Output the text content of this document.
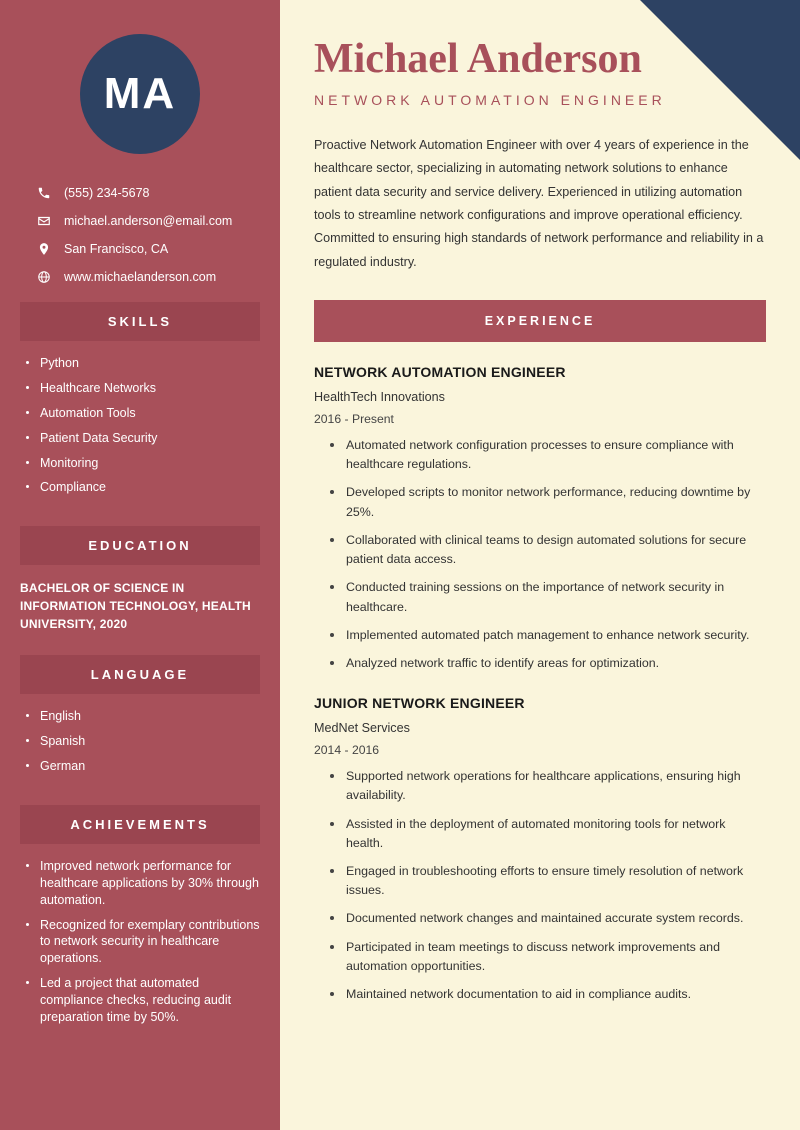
MA
(555) 234-5678
michael.anderson@email.com
San Francisco, CA
www.michaelanderson.com
SKILLS
Python
Healthcare Networks
Automation Tools
Patient Data Security
Monitoring
Compliance
EDUCATION
BACHELOR OF SCIENCE IN INFORMATION TECHNOLOGY, HEALTH UNIVERSITY, 2020
LANGUAGE
English
Spanish
German
ACHIEVEMENTS
Improved network performance for healthcare applications by 30% through automation.
Recognized for exemplary contributions to network security in healthcare operations.
Led a project that automated compliance checks, reducing audit preparation time by 50%.
Michael Anderson
NETWORK AUTOMATION ENGINEER

Proactive Network Automation Engineer with over 4 years of experience in the healthcare sector, specializing in automating network solutions to enhance patient data security and service delivery. Experienced in utilizing automation tools to streamline network configurations and improve operational efficiency. Committed to ensuring high standards of network performance and reliability in a regulated industry.

EXPERIENCE
NETWORK AUTOMATION ENGINEER
HealthTech Innovations
2016 - Present
Automated network configuration processes to ensure compliance with healthcare regulations.
Developed scripts to monitor network performance, reducing downtime by 25%.
Collaborated with clinical teams to design automated solutions for secure patient data access.
Conducted training sessions on the importance of network security in healthcare.
Implemented automated patch management to enhance network security.
Analyzed network traffic to identify areas for optimization.
JUNIOR NETWORK ENGINEER
MedNet Services
2014 - 2016
Supported network operations for healthcare applications, ensuring high availability.
Assisted in the deployment of automated monitoring tools for network health.
Engaged in troubleshooting efforts to ensure timely resolution of network issues.
Documented network changes and maintained accurate system records.
Participated in team meetings to discuss network improvements and automation opportunities.
Maintained network documentation to aid in compliance audits.
